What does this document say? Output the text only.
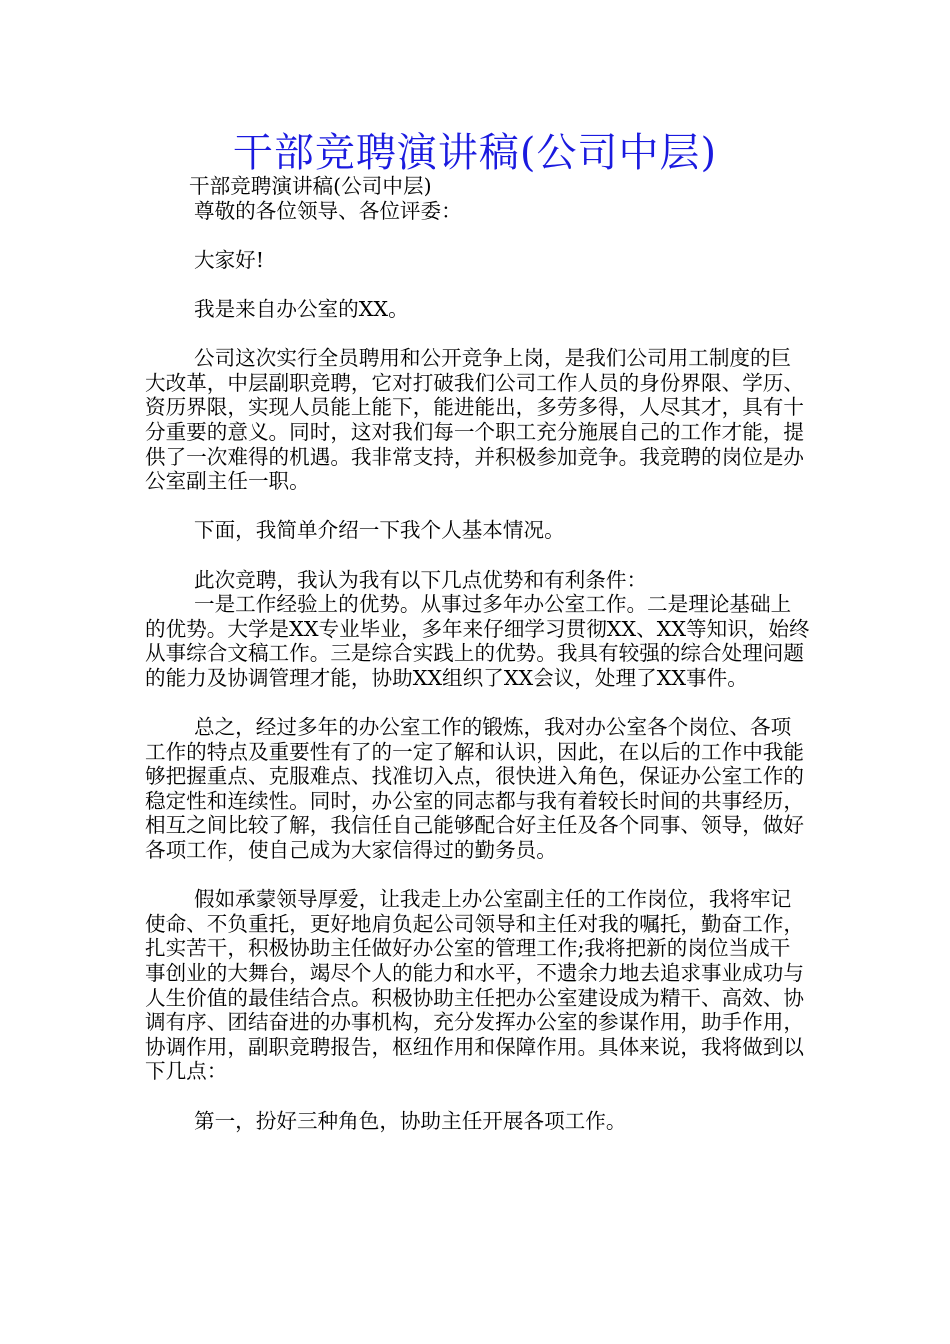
干部竞聘演讲稿(公司中层)

干部竞聘演讲稿(公司中层)

尊敬的各位领导、各位评委：

大家好!

我是来自办公室的XX。

公司这次实行全员聘用和公开竞争上岗，是我们公司用工制度的巨大改革，中层副职竞聘，它对打破我们公司工作人员的身份界限、学历、资历界限，实现人员能上能下，能进能出，多劳多得，人尽其才，具有十分重要的意义。同时，这对我们每一个职工充分施展自己的工作才能，提供了一次难得的机遇。我非常支持，并积极参加竞争。我竞聘的岗位是办公室副主任一职。

下面，我简单介绍一下我个人基本情况。

此次竞聘，我认为我有以下几点优势和有利条件：

一是工作经验上的优势。从事过多年办公室工作。二是理论基础上的优势。大学是XX专业毕业，多年来仔细学习贯彻XX、XX等知识，始终从事综合文稿工作。三是综合实践上的优势。我具有较强的综合处理问题的能力及协调管理才能，协助XX组织了XX会议，处理了XX事件。

总之，经过多年的办公室工作的锻炼，我对办公室各个岗位、各项工作的特点及重要性有了的一定了解和认识，因此，在以后的工作中我能够把握重点、克服难点、找准切入点，很快进入角色，保证办公室工作的稳定性和连续性。同时，办公室的同志都与我有着较长时间的共事经历，相互之间比较了解，我信任自己能够配合好主任及各个同事、领导，做好各项工作，使自己成为大家信得过的勤务员。

假如承蒙领导厚爱，让我走上办公室副主任的工作岗位，我将牢记使命、不负重托，更好地肩负起公司领导和主任对我的嘱托，勤奋工作，扎实苦干，积极协助主任做好办公室的管理工作;我将把新的岗位当成干事创业的大舞台，竭尽个人的能力和水平，不遗余力地去追求事业成功与人生价值的最佳结合点。积极协助主任把办公室建设成为精干、高效、协调有序、团结奋进的办事机构，充分发挥办公室的参谋作用，助手作用，协调作用，副职竞聘报告，枢纽作用和保障作用。具体来说，我将做到以下几点：

第一，扮好三种角色，协助主任开展各项工作。
